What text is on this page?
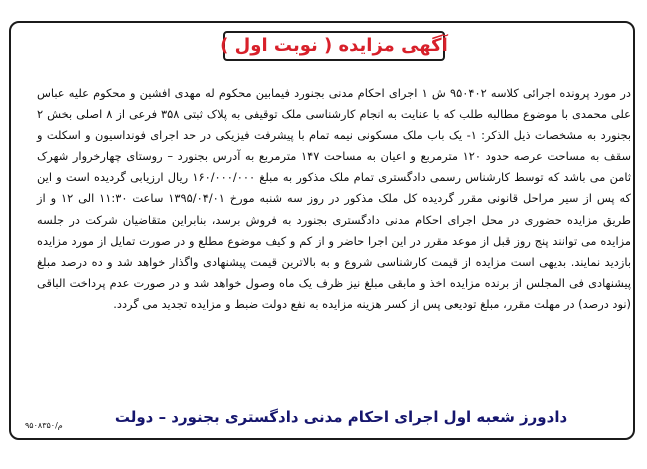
آگهی مزایده ( نوبت اول )
در مورد پرونده اجرائی کلاسه ۹۵۰۴۰۲ ش ۱ اجرای احکام مدنی بجنورد فیمابین محکوم له مهدی افشین و محکوم علیه عباس علی محمدی با موضوع مطالبه طلب که با عنایت به انجام کارشناسی ملک توقیفی به پلاک ثبتی ۳۵۸ فرعی از ۸ اصلی بخش ۲ بجنورد به مشخصات ذیل الذکر: ۱- یک باب ملک مسکونی نیمه تمام با پیشرفت فیزیکی در حد اجرای فونداسیون و اسکلت و سقف به مساحت عرصه حدود ۱۲۰ مترمربع و اعیان به مساحت ۱۴۷ مترمربع به آدرس بجنورد – روستای چهارخروار شهرک ثامن می باشد که توسط کارشناس رسمی دادگستری تمام ملک مذکور به مبلغ ۱۶۰/۰۰۰/۰۰۰ ریال ارزیابی گردیده است و این که پس از سیر مراحل قانونی مقرر گردیده کل ملک مذکور در روز سه شنبه مورخ ۱۳۹۵/۰۴/۰۱ ساعت ۱۱:۳۰ الی ۱۲ و از طریق مزایده حضوری در محل اجرای احکام مدنی دادگستری بجنورد به فروش برسد، بنابراین متقاضیان شرکت در جلسه مزایده می توانند پنج روز قبل از موعد مقرر در این اجرا حاضر و از کم و کیف موضوع مطلع و در صورت تمایل از مورد مزایده بازدید نمایند. بدیهی است مزایده از قیمت کارشناسی شروع و به بالاترین قیمت پیشنهادی واگذار خواهد شد و ده درصد مبلغ پیشنهادی فی المجلس از برنده مزایده اخذ و مابقی مبلغ نیز ظرف یک ماه وصول خواهد شد و در صورت عدم پرداخت الباقی (نود درصد) در مهلت مقرر، مبلغ تودیعی پس از کسر هزینه مزایده به نفع دولت ضبط و مزایده تجدید می گردد.
دادورز شعبه اول اجرای احکام مدنی دادگستری بجنورد – دولت
۹۵۰۸۳۵۰/م
